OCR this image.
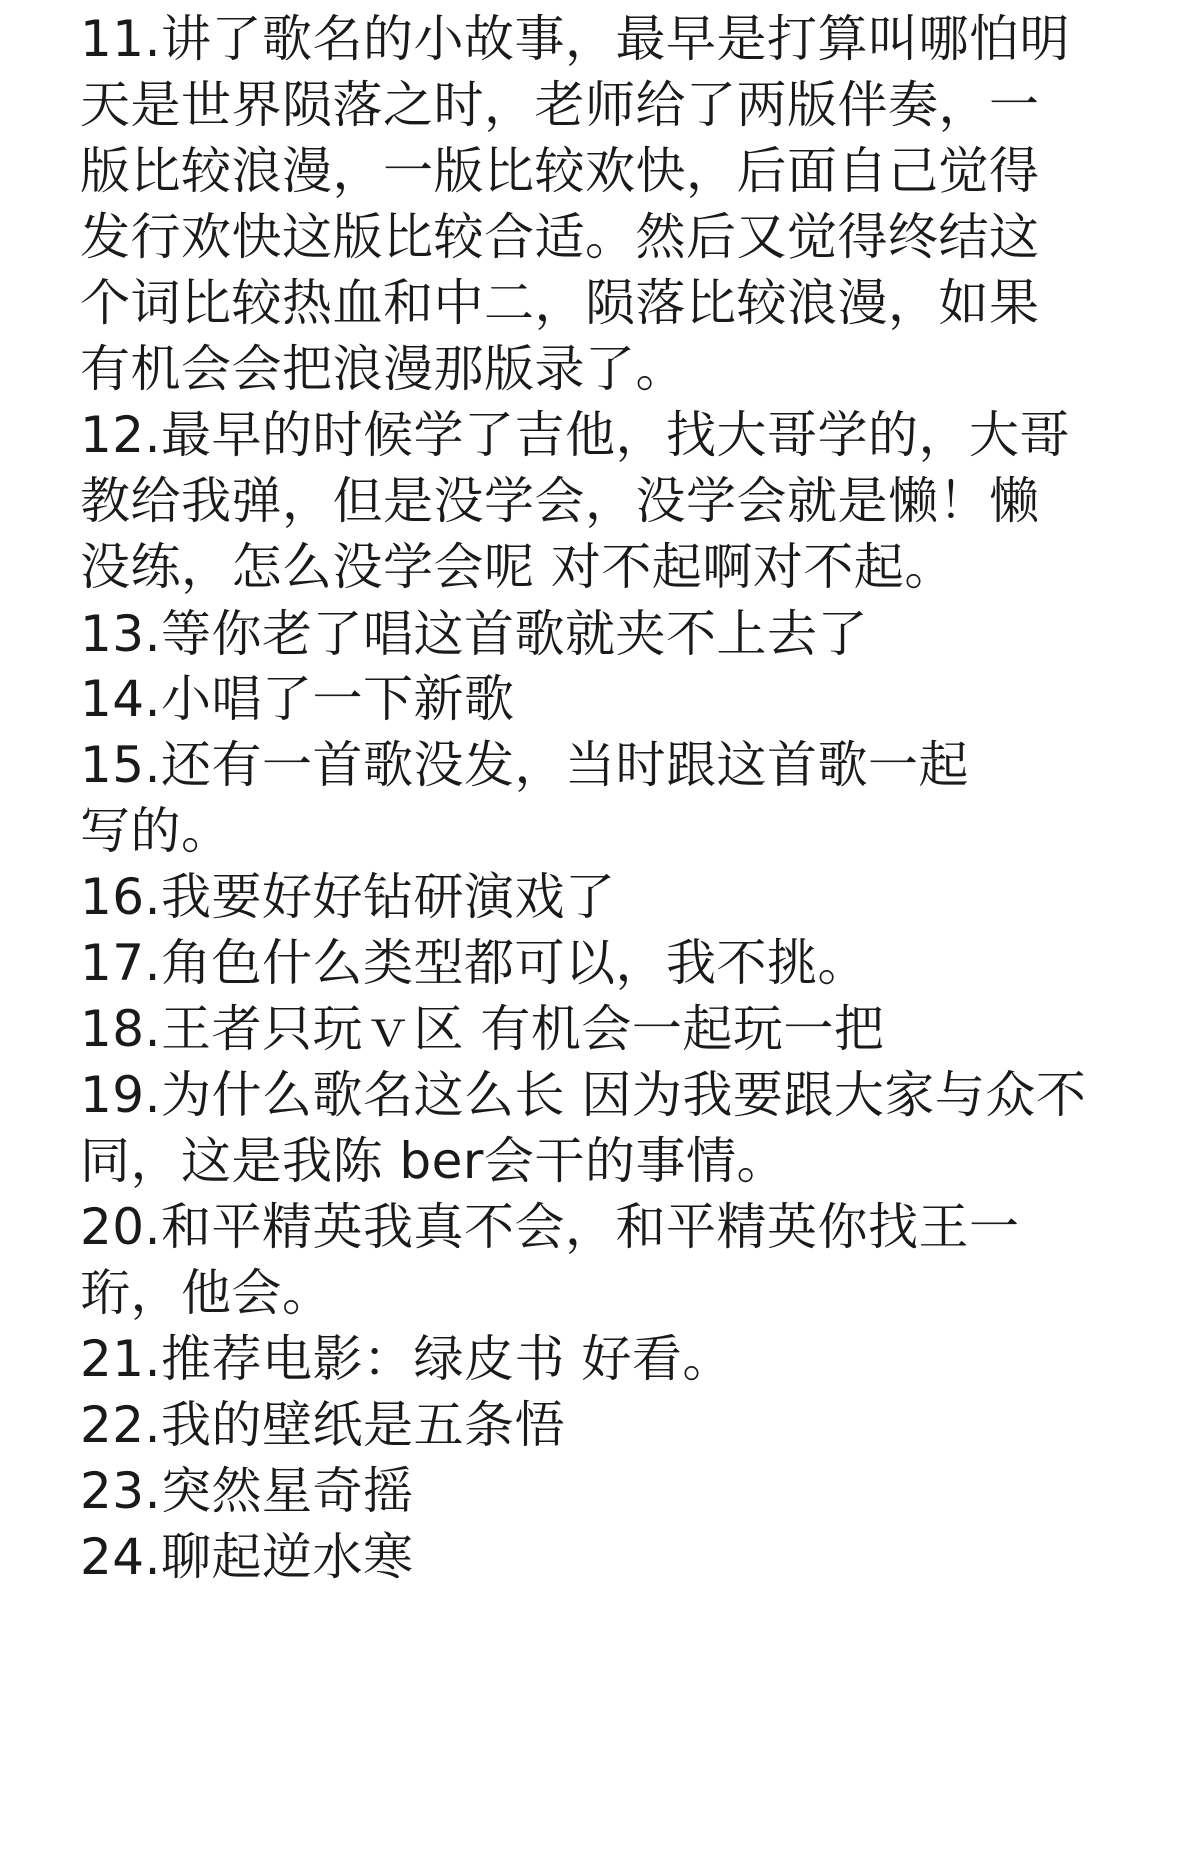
11.讲了歌名的小故事，最早是打算叫哪怕明
天是世界陨落之时，老师给了两版伴奏，一
版比较浪漫，一版比较欢快，后面自己觉得
发行欢快这版比较合适。然后又觉得终结这
个词比较热血和中二，陨落比较浪漫，如果
有机会会把浪漫那版录了。
12.最早的时候学了吉他，找大哥学的，大哥
教给我弹，但是没学会，没学会就是懒！懒
没练，怎么没学会呢 对不起啊对不起。
13.等你老了唱这首歌就夹不上去了
14.小唱了一下新歌
15.还有一首歌没发，当时跟这首歌一起
写的。
16.我要好好钻研演戏了
17.角色什么类型都可以，我不挑。
18.王者只玩ｖ区 有机会一起玩一把
19.为什么歌名这么长 因为我要跟大家与众不
同，这是我陈 ber会干的事情。
20.和平精英我真不会，和平精英你找王一
珩，他会。
21.推荐电影：绿皮书 好看。
22.我的壁纸是五条悟
23.突然星奇摇
24.聊起逆水寒
